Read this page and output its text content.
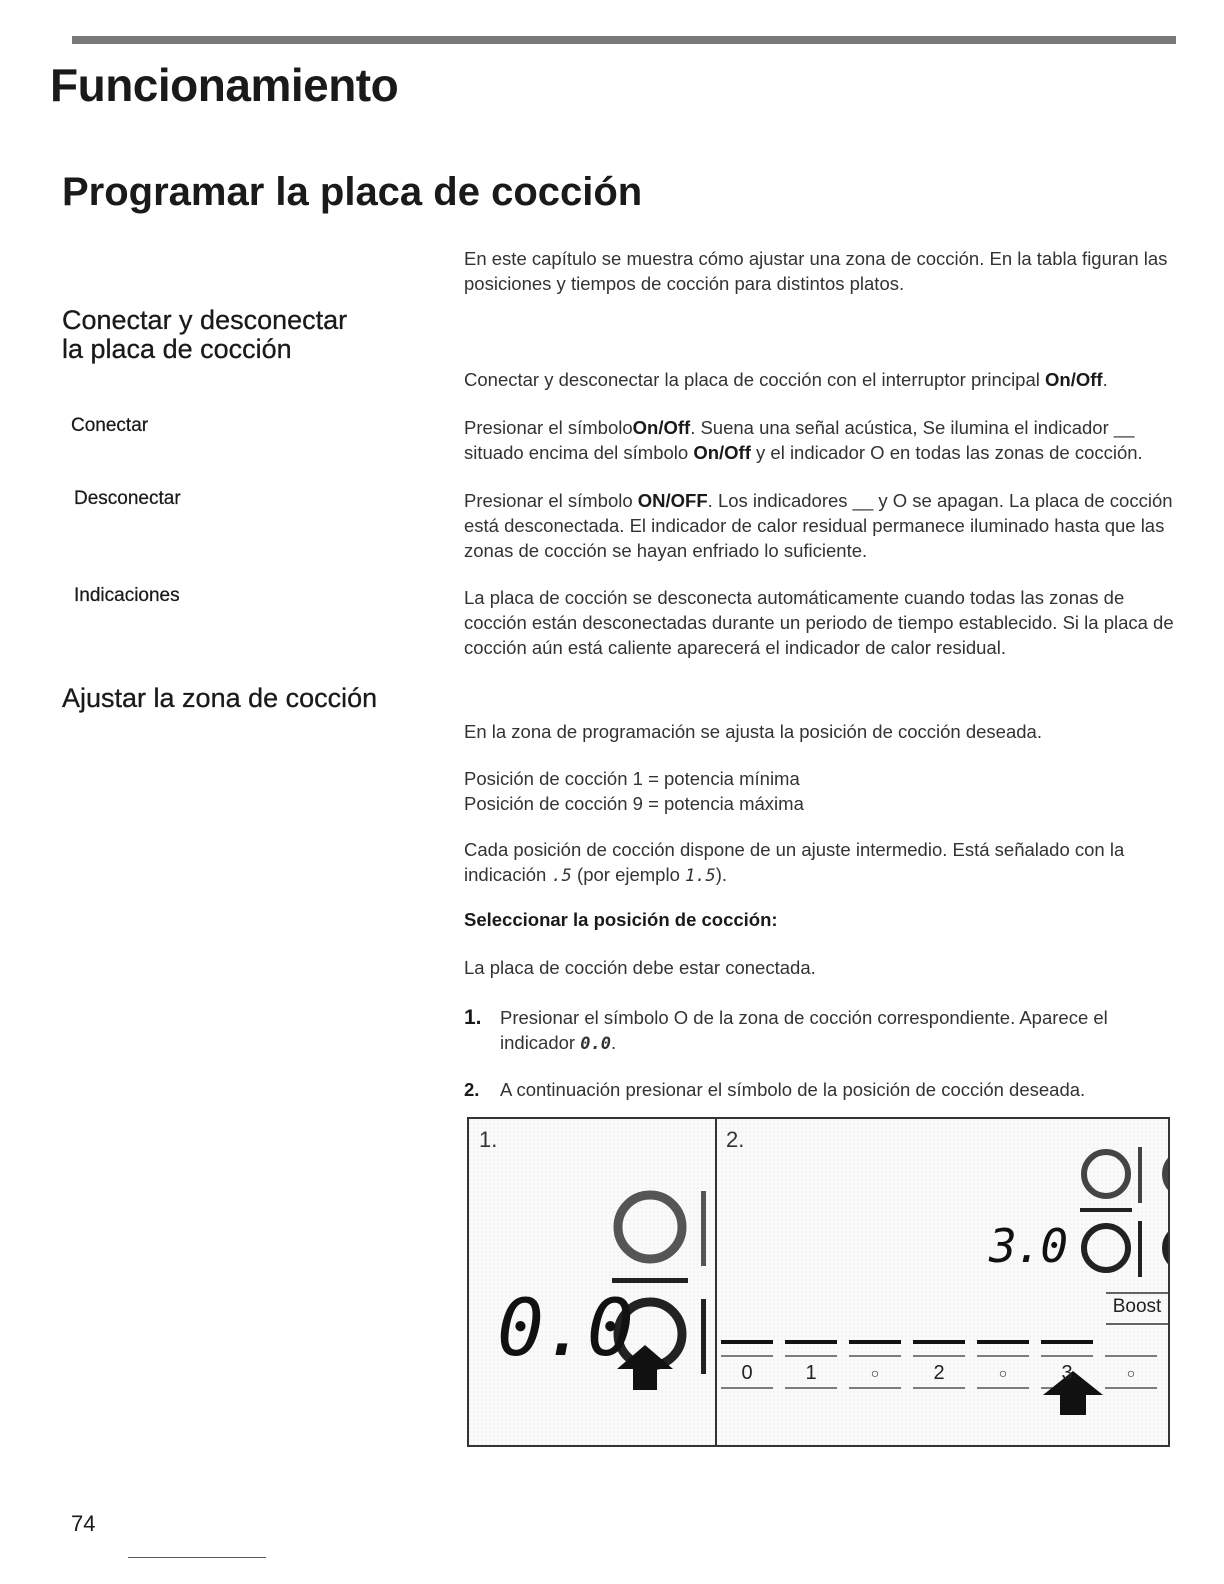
Funcionamiento
Programar la placa de cocción

En este capítulo se muestra cómo ajustar una zona de cocción. En la tabla figuran las posiciones y tiempos de cocción para distintos platos.

Conectar y desconectar
la placa de cocción

Conectar y desconectar la placa de cocción con el interruptor principal On/Off.

Conectar	Presionar el símboloOn/Off. Suena una señal acústica, Se ilumina el indicador __ situado encima del símbolo On/Off y el indicador O en todas las zonas de cocción.

Desconectar	Presionar el símbolo ON/OFF. Los indicadores __ y O se apagan. La placa de cocción está desconectada. El indicador de calor residual permanece iluminado hasta que las zonas de cocción se hayan enfriado lo suficiente.

Indicaciones	La placa de cocción se desconecta automáticamente cuando todas las zonas de cocción están desconectadas durante un periodo de tiempo establecido. Si la placa de cocción aún está caliente aparecerá el indicador de calor residual.

Ajustar la zona de cocción

En la zona de programación se ajusta la posición de cocción deseada.

Posición de cocción 1 = potencia mínima
Posición de cocción 9 = potencia máxima

Cada posición de cocción dispone de un ajuste intermedio. Está señalado con la indicación .5 (por ejemplo 1.5).

Seleccionar la posición de cocción:

La placa de cocción debe estar conectada.

1. Presionar el símbolo O de la zona de cocción correspondiente. Aparece el indicador 0.0.
2. A continuación presionar el símbolo de la posición de cocción deseada.
1.
0.0
2.
3.0
Boost
0	1	○	2	○	3	○
74
